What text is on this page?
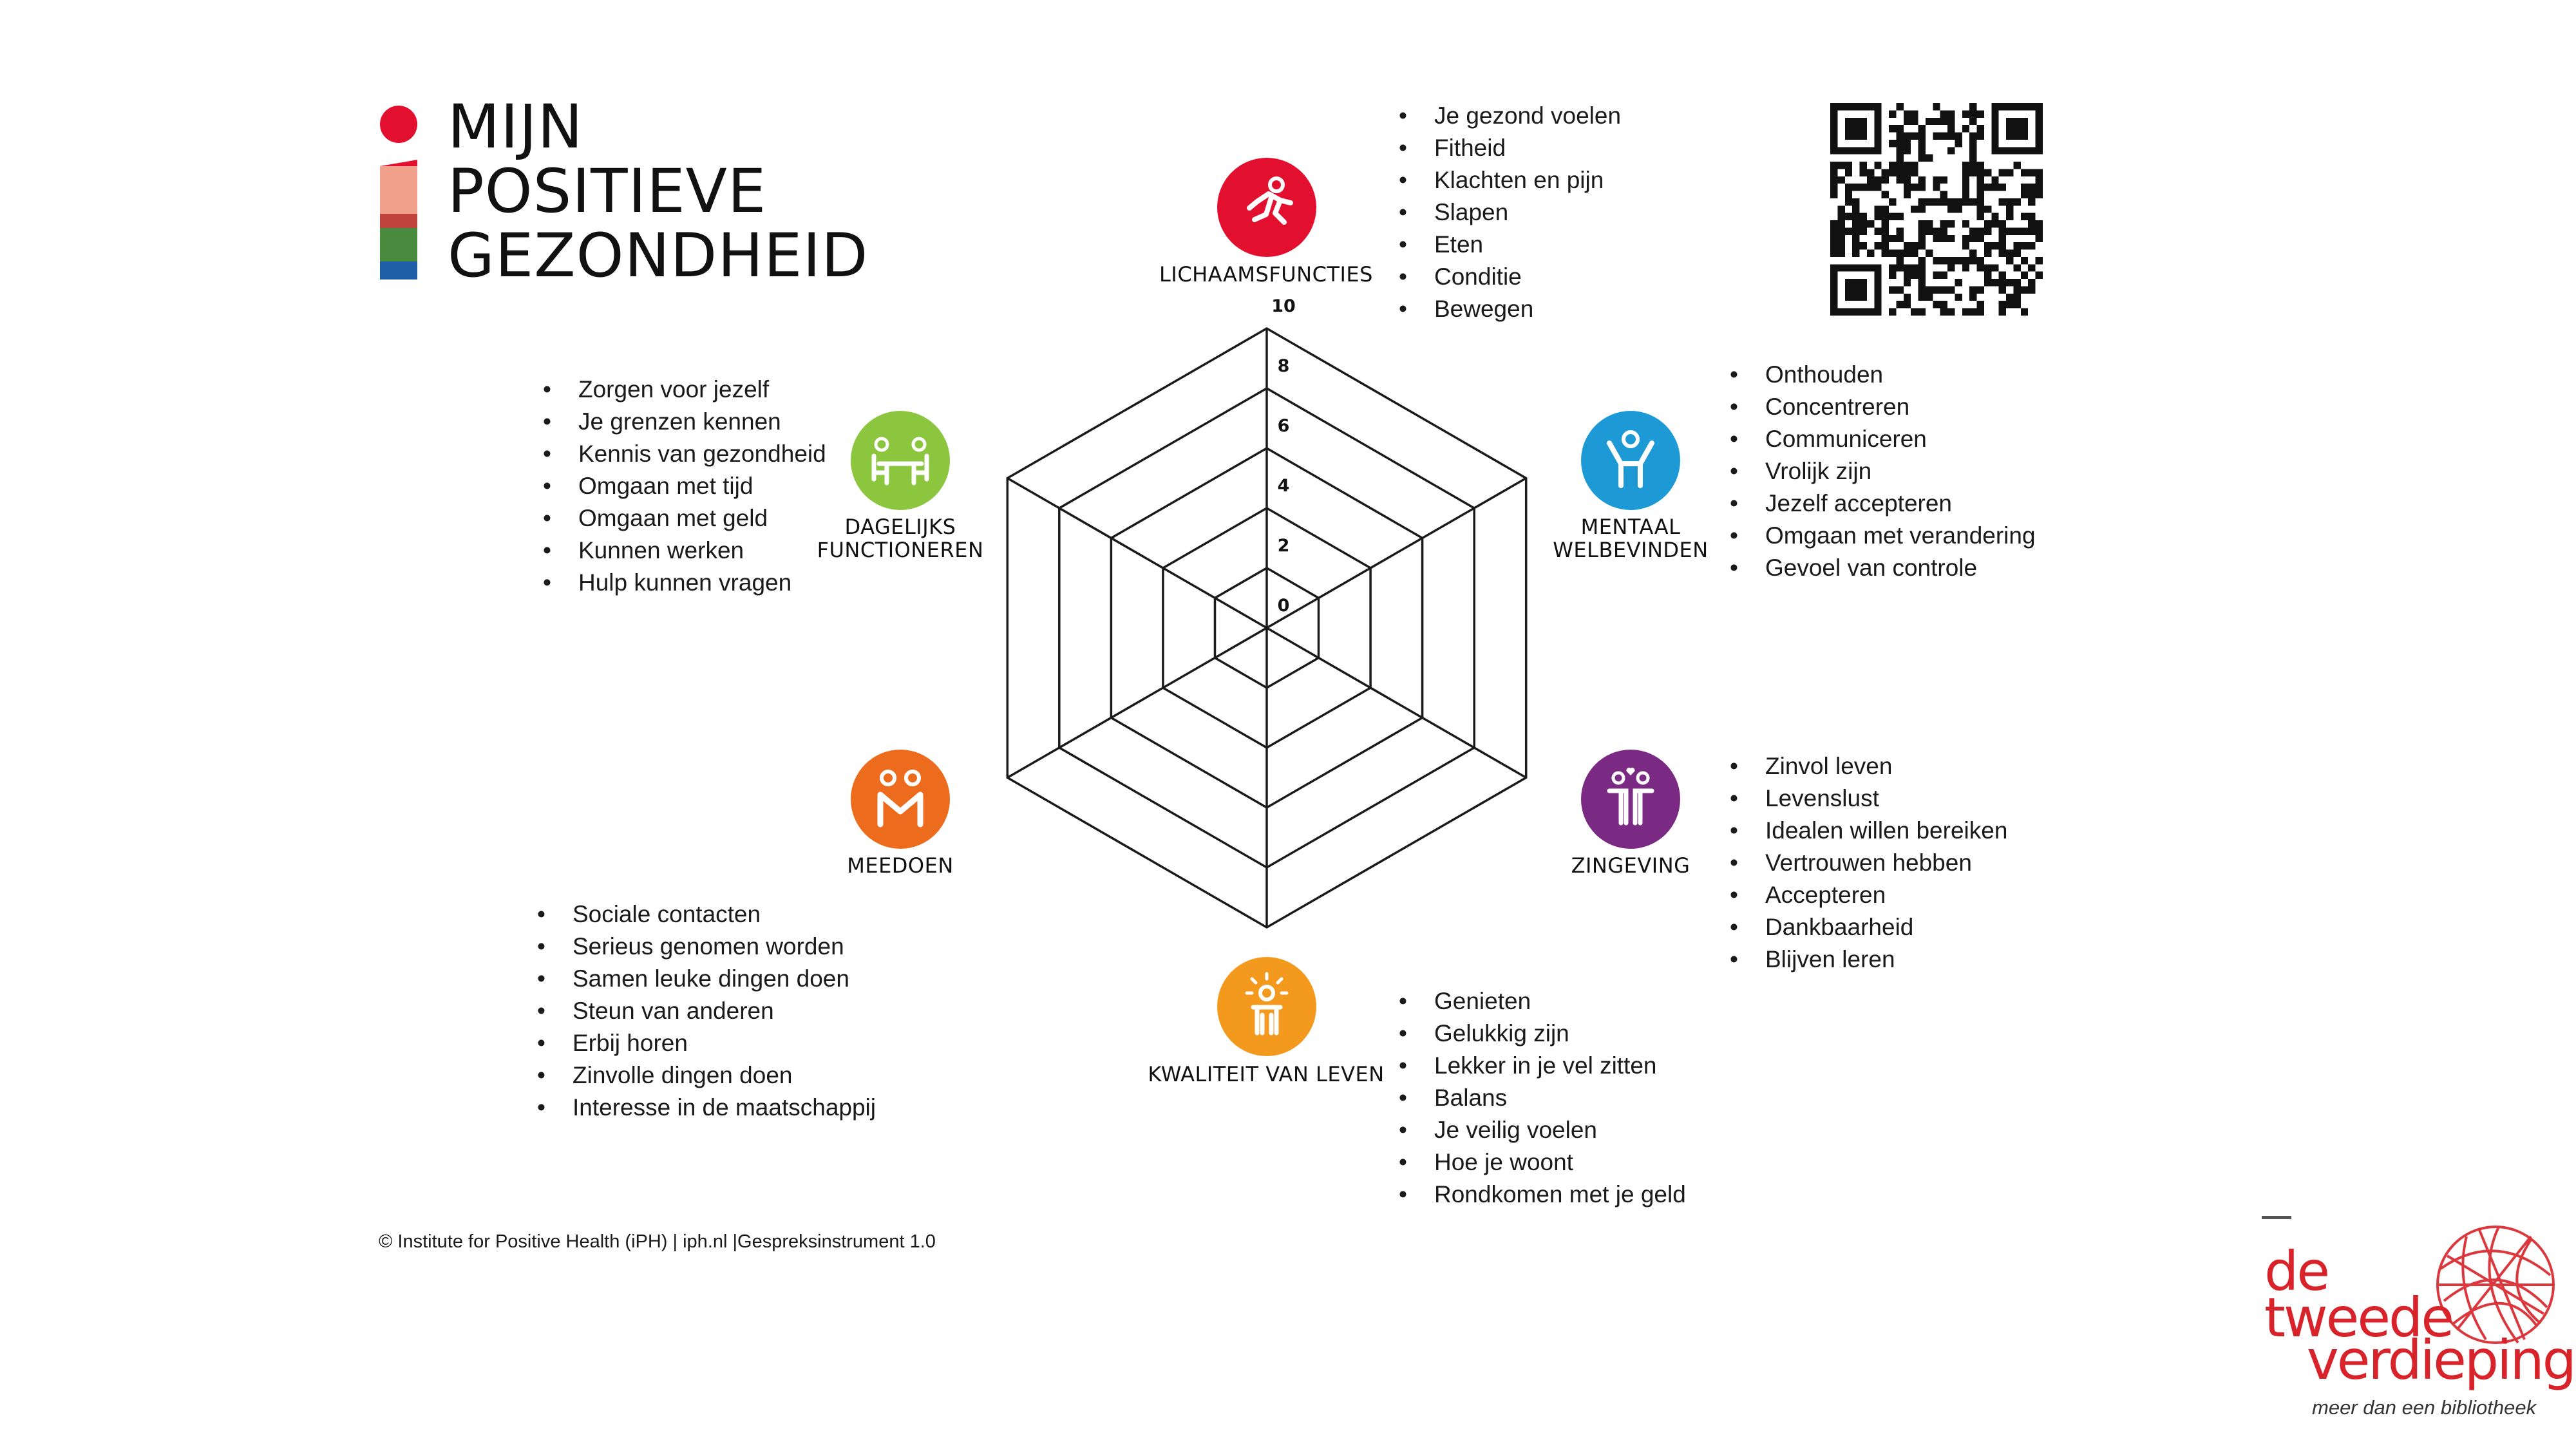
MIJN
POSITIEVE
GEZONDHEID
0
2
4
6
8
10
LICHAAMSFUNCTIES
MENTAAL
WELBEVINDEN
ZINGEVING
KWALITEIT VAN LEVEN
MEEDOEN
DAGELIJKS
FUNCTIONEREN
• Je gezond voelen
• Fitheid
• Klachten en pijn
• Slapen
• Eten
• Conditie
• Bewegen
• Onthouden
• Concentreren
• Communiceren
• Vrolijk zijn
• Jezelf accepteren
• Omgaan met verandering
• Gevoel van controle
• Zinvol leven
• Levenslust
• Idealen willen bereiken
• Vertrouwen hebben
• Accepteren
• Dankbaarheid
• Blijven leren
• Genieten
• Gelukkig zijn
• Lekker in je vel zitten
• Balans
• Je veilig voelen
• Hoe je woont
• Rondkomen met je geld
• Sociale contacten
• Serieus genomen worden
• Samen leuke dingen doen
• Steun van anderen
• Erbij horen
• Zinvolle dingen doen
• Interesse in de maatschappij
• Zorgen voor jezelf
• Je grenzen kennen
• Kennis van gezondheid
• Omgaan met tijd
• Omgaan met geld
• Kunnen werken
• Hulp kunnen vragen
© Institute for Positive Health (iPH) | iph.nl |Gespreksinstrument 1.0	de
tweede
verdieping
meer dan een bibliotheek
